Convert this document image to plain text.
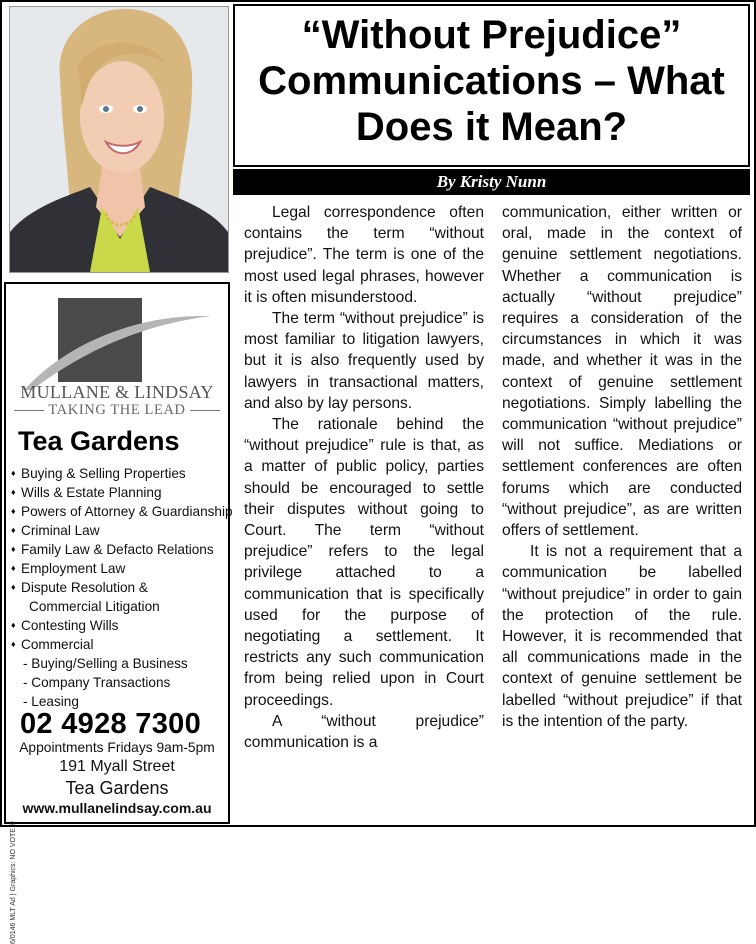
MULLANE & LINDSAY
TAKING THE LEAD
Tea Gardens
♦ Buying & Selling Properties
♦ Wills & Estate Planning
♦ Powers of Attorney & Guardianship
♦ Criminal Law
♦ Family Law & Defacto Relations
♦ Employment Law
♦ Dispute Resolution &
Commercial Litigation
♦ Contesting Wills
♦ Commercial
- Buying/Selling a Business
- Company Transactions
- Leasing
6/0146 MLT Ad | Graphics: NO VOTE ©
02 4928 7300
Appointments Fridays 9am-5pm
191 Myall Street
Tea Gardens
www.mullanelindsay.com.au
“Without Prejudice” Communications – What Does it Mean?
By Kristy Nunn

Legal correspondence often contains the term “without prejudice”. The term is one of the most used legal phrases, however it is often misunderstood.

The term “without prejudice” is most familiar to litigation lawyers, but it is also frequently used by lawyers in transactional matters, and also by lay persons.

The rationale behind the “without prejudice” rule is that, as a matter of public policy, parties should be encouraged to settle their disputes without going to Court. The term “without prejudice” refers to the legal privilege attached to a communication that is specifically used for the purpose of negotiating a settlement. It restricts any such communication from being relied upon in Court proceedings.

A “without prejudice” communication is a

communication, either written or oral, made in the context of genuine settlement negotiations. Whether a communication is actually “without prejudice” requires a consideration of the circumstances in which it was made, and whether it was in the context of genuine settlement negotiations. Simply labelling the communication “without prejudice” will not suffice. Mediations or settlement conferences are often forums which are conducted “without prejudice”, as are written offers of settlement.

It is not a requirement that a communication be labelled “without prejudice” in order to gain the protection of the rule. However, it is recommended that all communications made in the context of genuine settlement be labelled “without prejudice” if that is the intention of the party.
